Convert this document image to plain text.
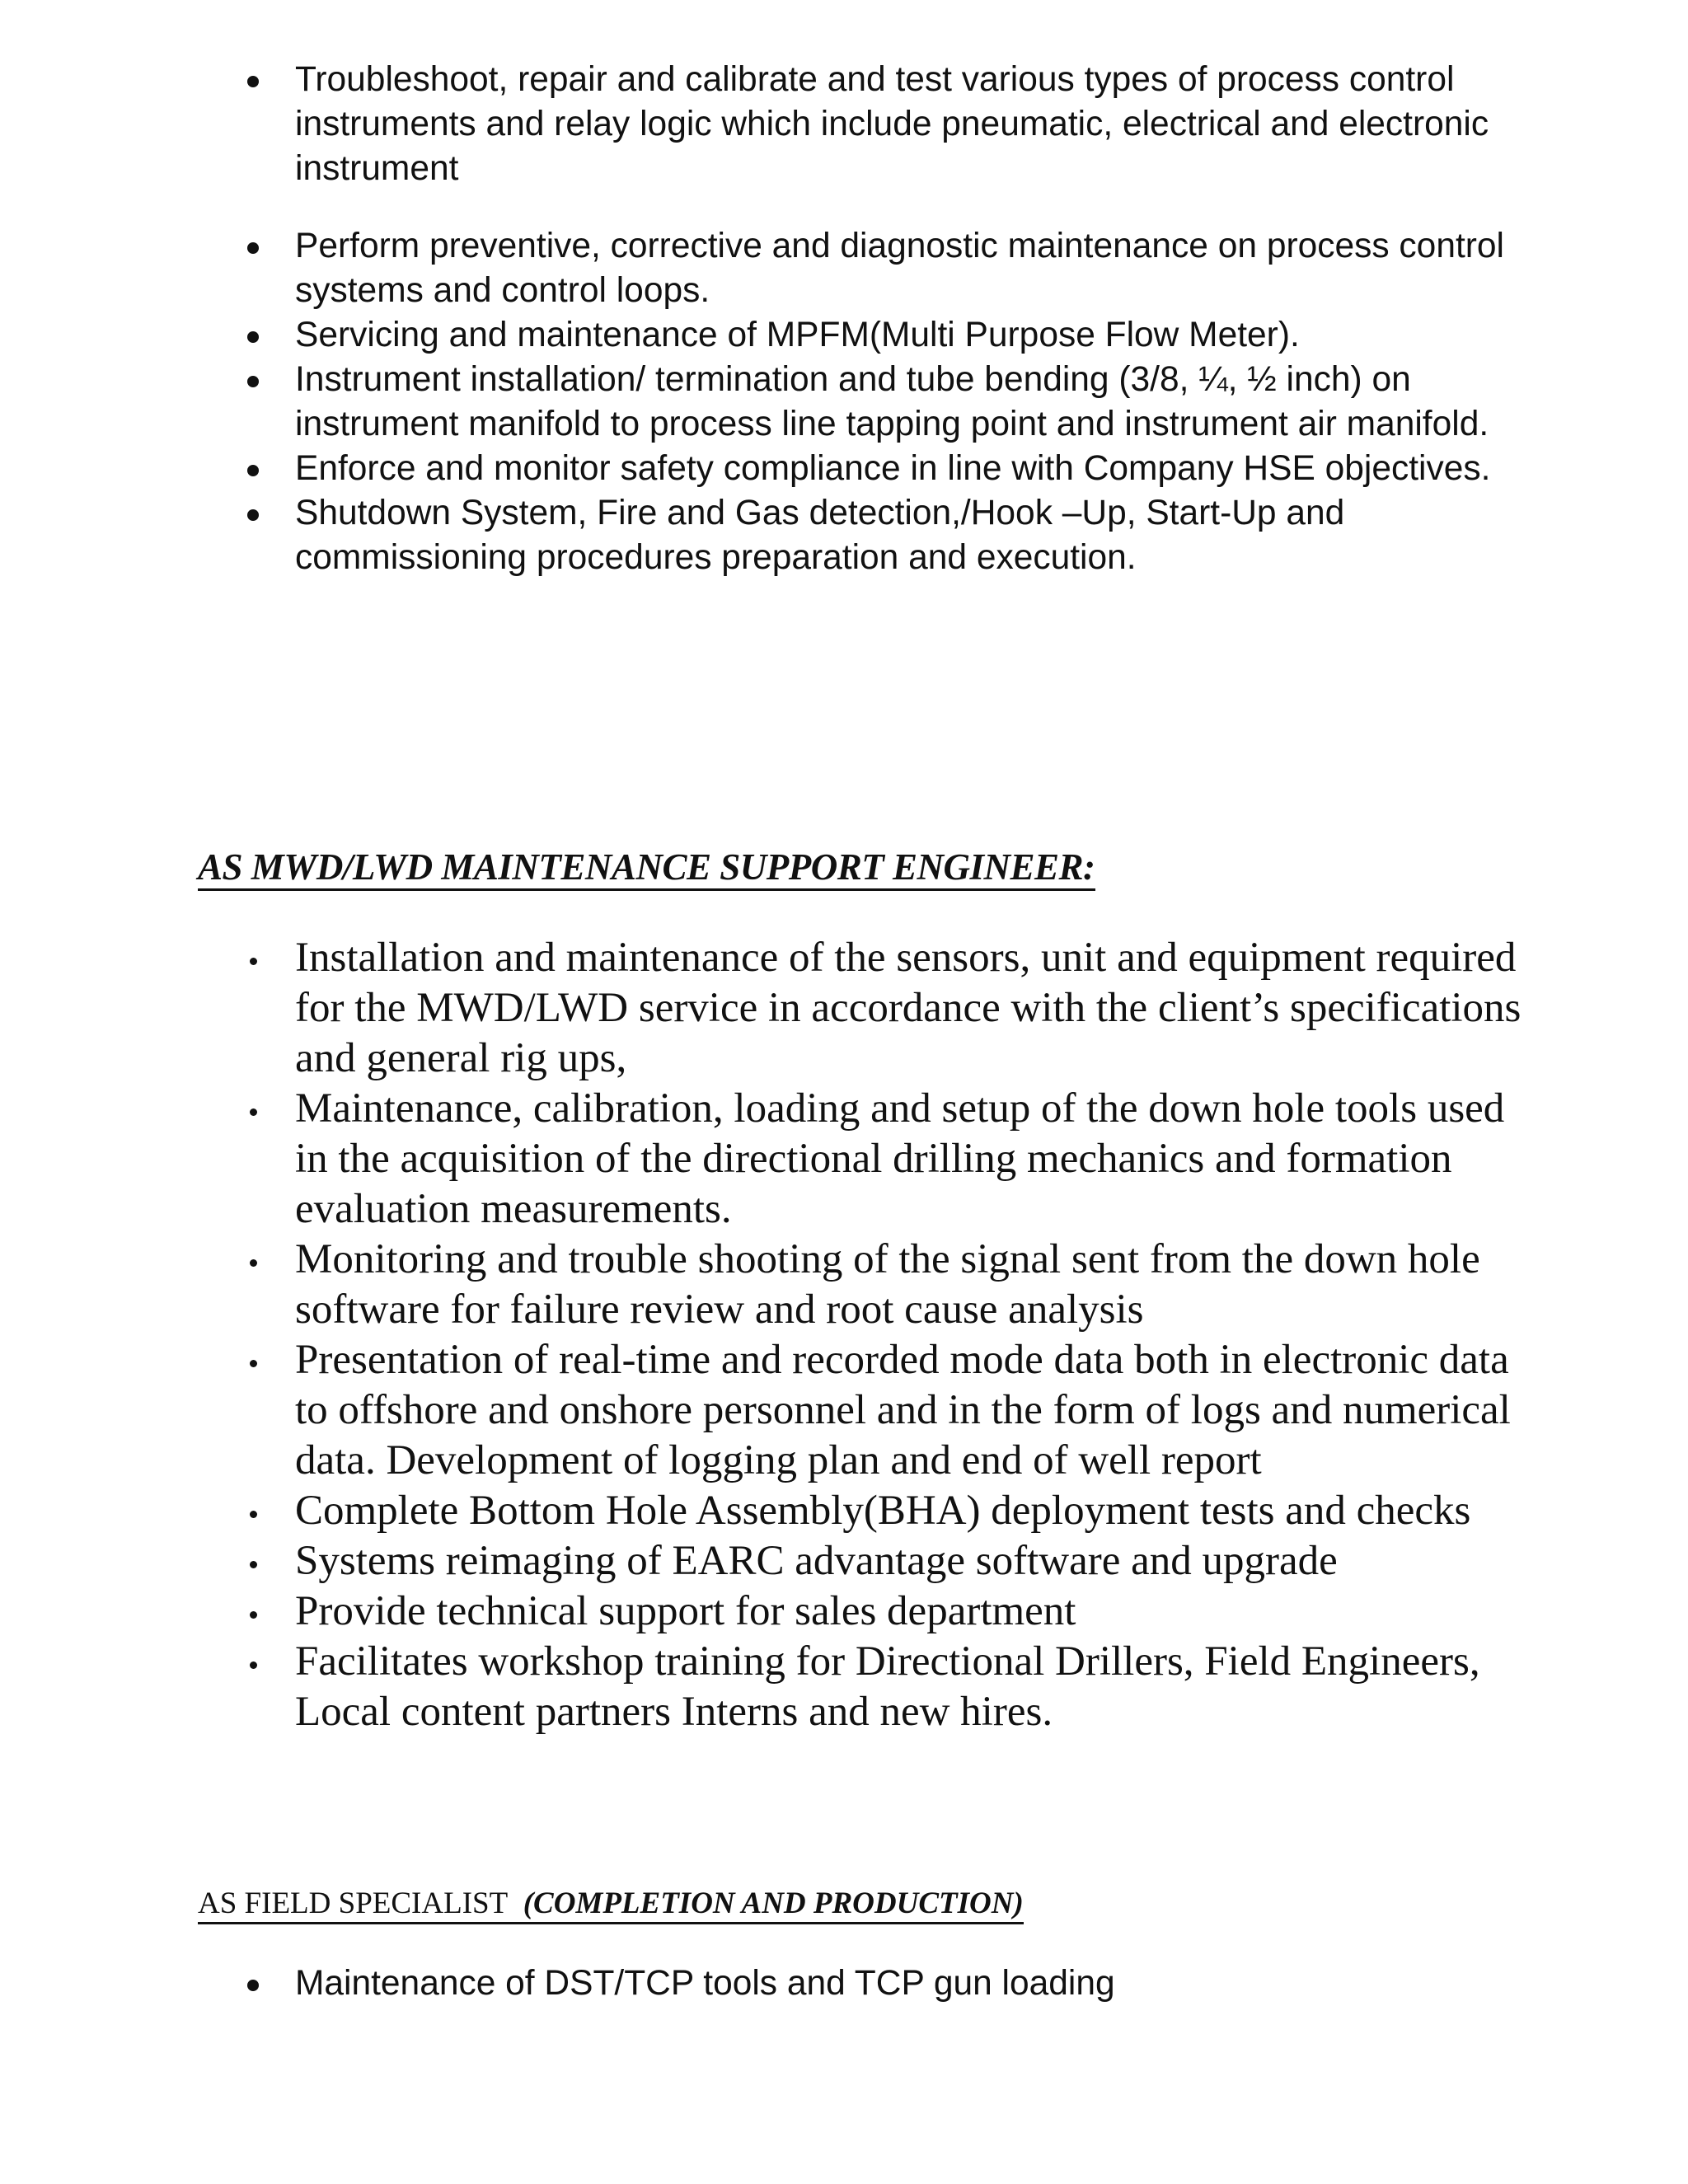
Troubleshoot, repair and calibrate and test various types of process control instruments and relay logic which include pneumatic, electrical and electronic instrument
Perform preventive, corrective and diagnostic maintenance on process control systems and control loops.
Servicing and maintenance of MPFM(Multi Purpose Flow Meter).
Instrument installation/ termination and tube bending (3/8, ¼, ½ inch) on instrument manifold to process line tapping point and instrument air manifold.
Enforce and monitor safety compliance in line with Company HSE objectives.
Shutdown System, Fire and Gas detection,/Hook –Up, Start-Up and commissioning procedures preparation and execution.
AS MWD/LWD MAINTENANCE SUPPORT ENGINEER:
Installation and maintenance of the sensors, unit and equipment required for the MWD/LWD service in accordance with the client’s specifications and general rig ups,
Maintenance, calibration, loading and setup of the down hole tools used in the acquisition of the directional drilling mechanics and formation evaluation measurements.
Monitoring and trouble shooting of the signal sent from the down hole software for failure review and root cause analysis
Presentation of real-time and recorded mode data both in electronic data to offshore and onshore personnel and in the form of logs and numerical data. Development of logging plan and end of well report
Complete Bottom Hole Assembly(BHA) deployment tests and checks
Systems reimaging of EARC advantage software and upgrade
Provide technical support for sales department
Facilitates workshop training for Directional Drillers, Field Engineers, Local content partners Interns and new hires.
AS FIELD SPECIALIST (COMPLETION AND PRODUCTION)
Maintenance of DST/TCP tools and TCP gun loading
